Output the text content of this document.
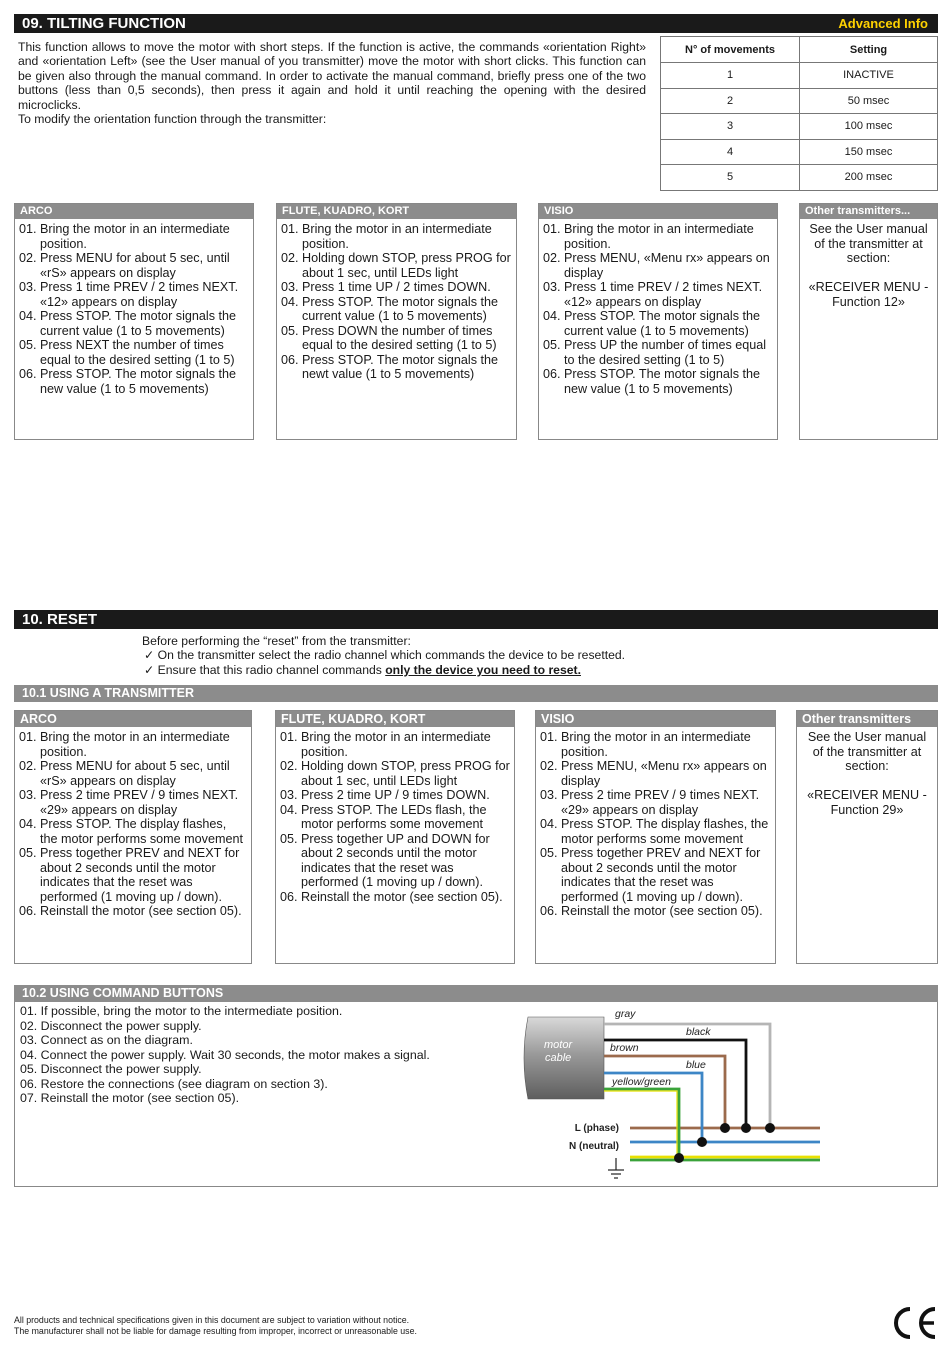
09. TILTING FUNCTION	Advanced Info

This function allows to move the motor with short steps. If the function is active, the commands «orientation Right» and «orientation Left» (see the User manual of you transmitter) move the motor with short clicks. This function can be given also through the manual command. In order to activate the manual command, briefly press one of the two buttons (less than 0,5 seconds), then press it again and hold it until reaching the opening with the desired microclicks.

To modify the orientation function through the transmitter:

N° of movements	Setting
1	INACTIVE
2	50 msec
3	100 msec
4	150 msec
5	200 msec
ARCO
01. Bring the motor in an intermediate position.
02. Press MENU for about 5 sec, until «rS» appears on display
03. Press 1 time PREV / 2 times NEXT. «12» appears on display
04. Press STOP. The motor signals the current value (1 to 5 movements)
05. Press NEXT the number of times equal to the desired setting (1 to 5)
06. Press STOP. The motor signals the new value (1 to 5 movements)
FLUTE, KUADRO, KORT
01. Bring the motor in an intermediate position.
02. Holding down STOP, press PROG for about 1 sec, until LEDs light
03. Press 1 time UP / 2 times DOWN.
04. Press STOP. The motor signals the current value (1 to 5 movements)
05. Press DOWN the number of times equal to the desired setting (1 to 5)
06. Press STOP. The motor signals the newt value (1 to 5 movements)
VISIO
01. Bring the motor in an intermediate position.
02. Press MENU, «Menu rx» appears on display
03. Press 1 time PREV / 2 times NEXT. «12» appears on display
04. Press STOP. The motor signals the current value (1 to 5 movements)
05. Press UP the number of times equal to the desired setting (1 to 5)
06. Press STOP. The motor signals the new value (1 to 5 movements)
Other transmitters...
See the User manual of the transmitter at section:
«RECEIVER MENU - Function 12»
10. RESET
Before performing the “reset” from the transmitter:
✓ On the transmitter select the radio channel which commands the device to be resetted.
✓ Ensure that this radio channel commands only the device you need to reset.
10.1 USING A TRANSMITTER
ARCO
01. Bring the motor in an intermediate position.
02. Press MENU for about 5 sec, until «rS» appears on display
03. Press 2 time PREV / 9 times NEXT. «29» appears on display
04. Press STOP. The display flashes, the motor performs some movement
05. Press together PREV and NEXT for about 2 seconds until the motor indicates that the reset was performed (1 moving up / down).
06. Reinstall the motor (see section 05).
FLUTE, KUADRO, KORT
01. Bring the motor in an intermediate position.
02. Holding down STOP, press PROG for about 1 sec, until LEDs light
03. Press 2 time UP / 9 times DOWN.
04. Press STOP. The LEDs flash, the motor performs some movement
05. Press together UP and DOWN for about 2 seconds until the motor indicates that the reset was performed (1 moving up / down).
06. Reinstall the motor (see section 05).
VISIO
01. Bring the motor in an intermediate position.
02. Press MENU, «Menu rx» appears on display
03. Press 2 time PREV / 9 times NEXT. «29» appears on display
04. Press STOP. The display flashes, the motor performs some movement
05. Press together PREV and NEXT for about 2 seconds until the motor indicates that the reset was performed (1 moving up / down).
06. Reinstall the motor (see section 05).
Other transmitters
See the User manual of the transmitter at section:
«RECEIVER MENU - Function 29»
10.2 USING COMMAND BUTTONS
01. If possible, bring the motor to the intermediate position.
02. Disconnect the power supply.
03. Connect as on the diagram.
04. Connect the power supply. Wait 30 seconds, the motor makes a signal.
05. Disconnect the power supply.
06. Restore the connections (see diagram on section 3).
07. Reinstall the motor (see section 05).
motor cable
gray
black
brown
blue
yellow/green
L (phase)
N (neutral)
All products and technical specifications given in this document are subject to variation without notice.
The manufacturer shall not be liable for damage resulting from improper, incorrect or unreasonable use.
